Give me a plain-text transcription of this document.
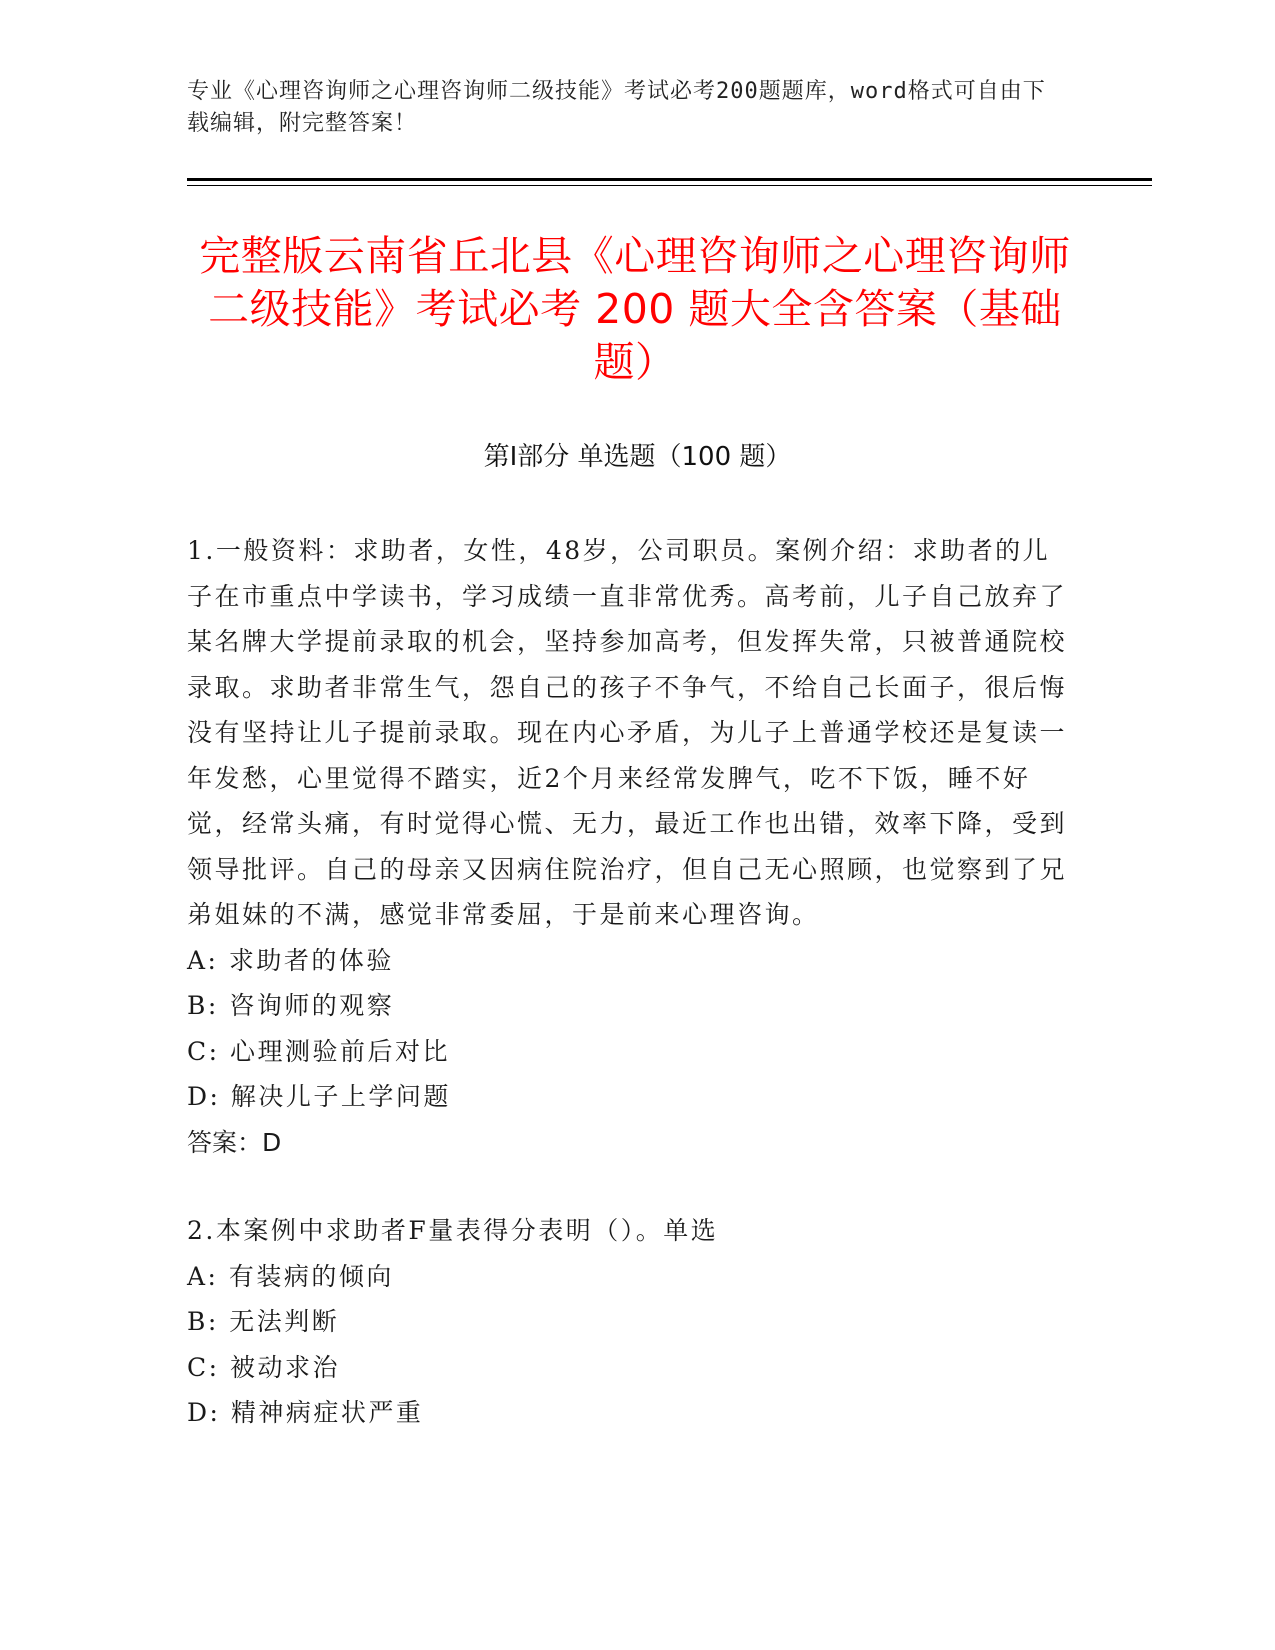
专业《心理咨询师之心理咨询师二级技能》考试必考200题题库，word格式可自由下载编辑，附完整答案！
完整版云南省丘北县《心理咨询师之心理咨询师二级技能》考试必考 200 题大全含答案（基础题）
第Ⅰ部分 单选题（100 题）

1.一般资料：求助者，女性，48岁，公司职员。案例介绍：求助者的儿子在市重点中学读书，学习成绩一直非常优秀。高考前，儿子自己放弃了某名牌大学提前录取的机会，坚持参加高考，但发挥失常，只被普通院校录取。求助者非常生气，怨自己的孩子不争气，不给自己长面子，很后悔没有坚持让儿子提前录取。现在内心矛盾，为儿子上普通学校还是复读一年发愁，心里觉得不踏实，近2个月来经常发脾气，吃不下饭，睡不好觉，经常头痛，有时觉得心慌、无力，最近工作也出错，效率下降，受到领导批评。自己的母亲又因病住院治疗，但自己无心照顾，也觉察到了兄弟姐妹的不满，感觉非常委屈，于是前来心理咨询。

A: 求助者的体验

B: 咨询师的观察

C: 心理测验前后对比

D: 解决儿子上学问题

答案：D

2.本案例中求助者F量表得分表明（）。单选

A: 有装病的倾向

B: 无法判断

C: 被动求治

D: 精神病症状严重
